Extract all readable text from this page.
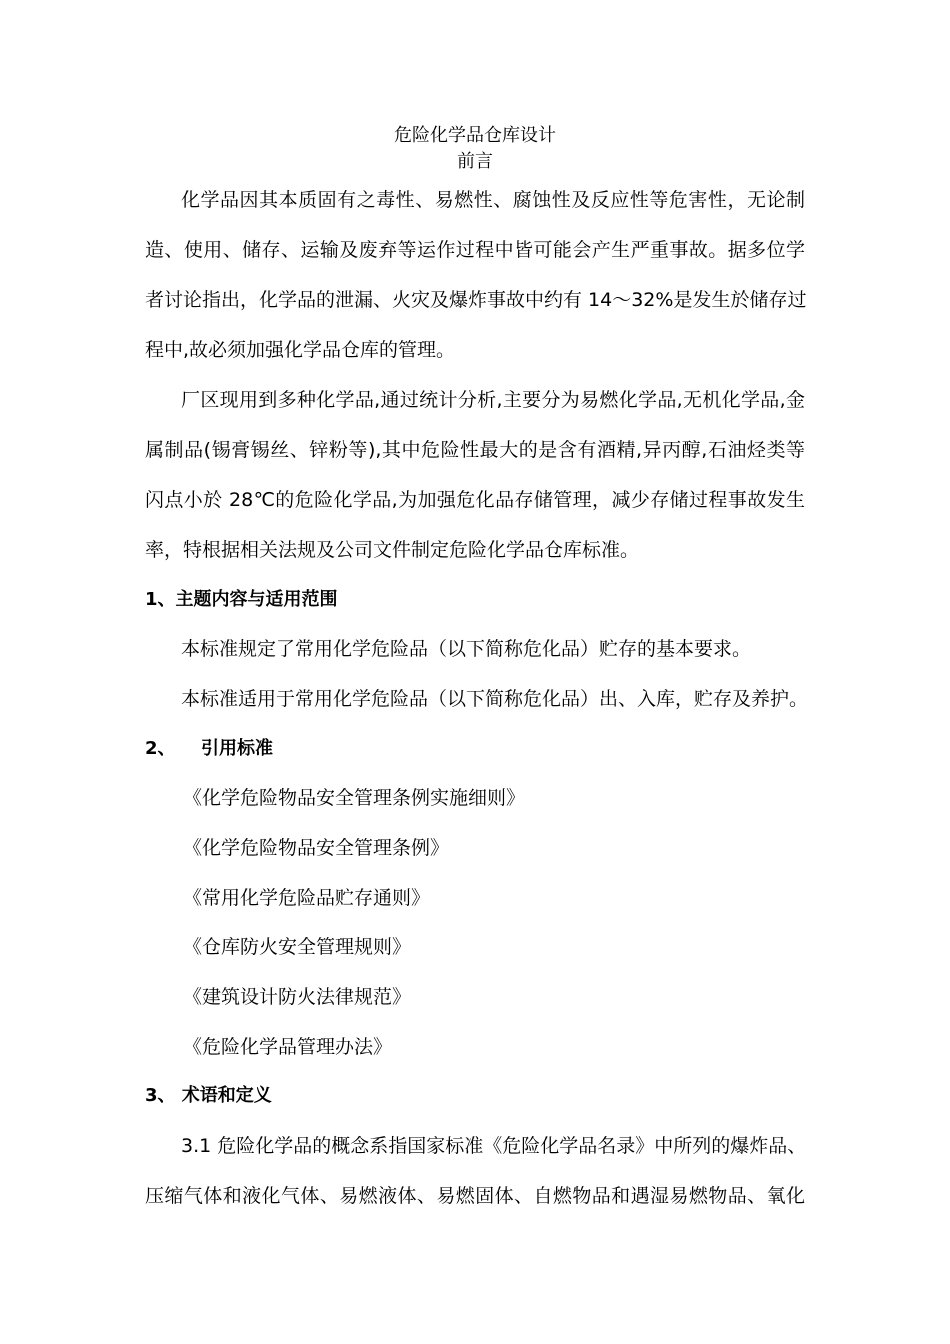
危险化学品仓库设计

前言

化学品因其本质固有之毒性、易燃性、腐蚀性及反应性等危害性，无论制

造、使用、储存、运输及废弃等运作过程中皆可能会产生严重事故。据多位学

者讨论指出，化学品的泄漏、火灾及爆炸事故中约有 14～32%是发生於储存过

程中,故必须加强化学品仓库的管理。

厂区现用到多种化学品,通过统计分析,主要分为易燃化学品,无机化学品,金

属制品(锡膏锡丝、锌粉等),其中危险性最大的是含有酒精,异丙醇,石油烃类等

闪点小於 28℃的危险化学品,为加强危化品存储管理，减少存储过程事故发生

率，特根据相关法规及公司文件制定危险化学品仓库标准。

1、主题内容与适用范围

本标准规定了常用化学危险品（以下简称危化品）贮存的基本要求。

本标准适用于常用化学危险品（以下简称危化品）出、入库，贮存及养护。

2、 引用标准

《化学危险物品安全管理条例实施细则》

《化学危险物品安全管理条例》

《常用化学危险品贮存通则》

《仓库防火安全管理规则》

《建筑设计防火法律规范》

《危险化学品管理办法》

3、 术语和定义

3.1 危险化学品的概念系指国家标准《危险化学品名录》中所列的爆炸品、

压缩气体和液化气体、易燃液体、易燃固体、自燃物品和遇湿易燃物品、氧化
